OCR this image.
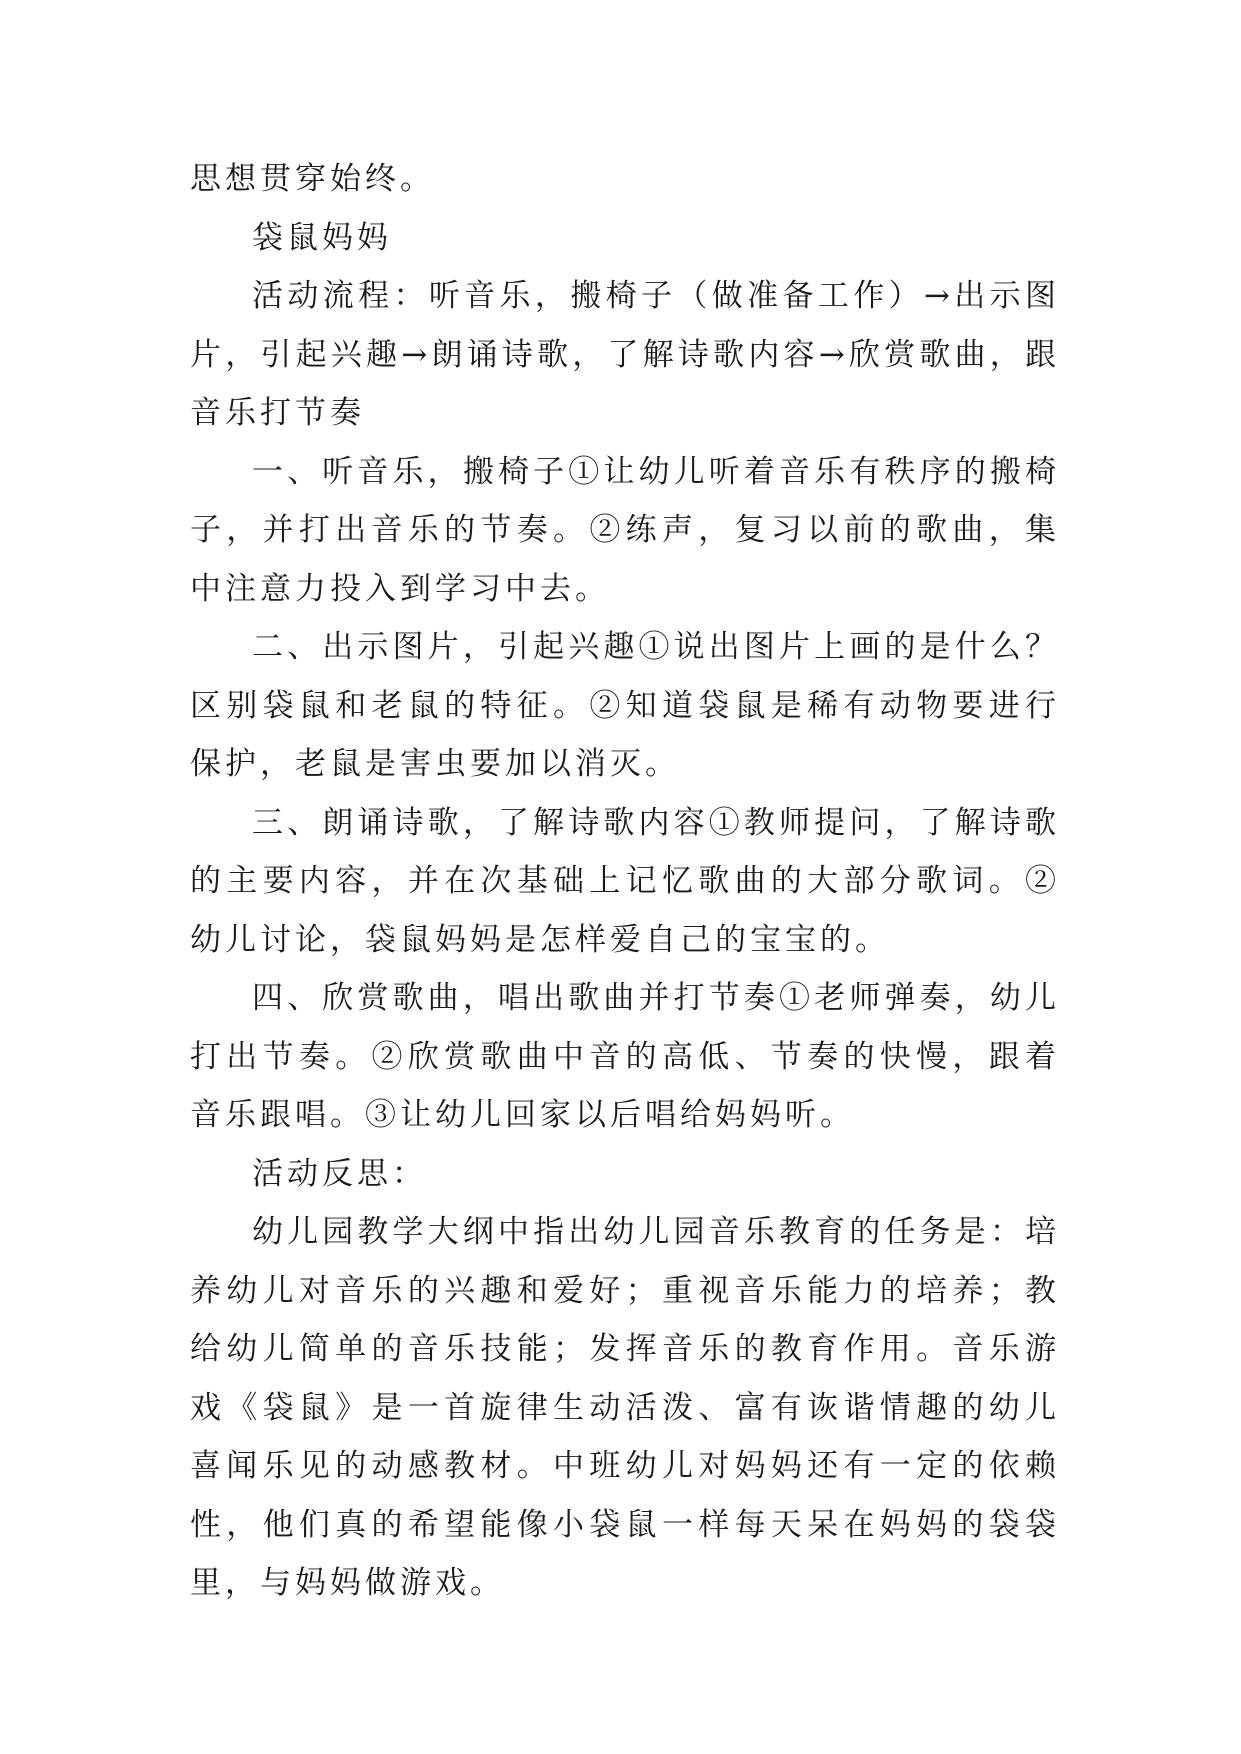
思想贯穿始终。

袋鼠妈妈

活动流程：听音乐，搬椅子（做准备工作）→出示图片，引起兴趣→朗诵诗歌，了解诗歌内容→欣赏歌曲，跟音乐打节奏

一、听音乐，搬椅子①让幼儿听着音乐有秩序的搬椅子，并打出音乐的节奏。②练声，复习以前的歌曲，集中注意力投入到学习中去。

二、出示图片，引起兴趣①说出图片上画的是什么？区别袋鼠和老鼠的特征。②知道袋鼠是稀有动物要进行保护，老鼠是害虫要加以消灭。

三、朗诵诗歌，了解诗歌内容①教师提问，了解诗歌的主要内容，并在次基础上记忆歌曲的大部分歌词。②幼儿讨论，袋鼠妈妈是怎样爱自己的宝宝的。

四、欣赏歌曲，唱出歌曲并打节奏①老师弹奏，幼儿打出节奏。②欣赏歌曲中音的高低、节奏的快慢，跟着音乐跟唱。③让幼儿回家以后唱给妈妈听。

活动反思：

幼儿园教学大纲中指出幼儿园音乐教育的任务是：培养幼儿对音乐的兴趣和爱好；重视音乐能力的培养；教给幼儿简单的音乐技能；发挥音乐的教育作用。音乐游戏《袋鼠》是一首旋律生动活泼、富有诙谐情趣的幼儿喜闻乐见的动感教材。中班幼儿对妈妈还有一定的依赖性，他们真的希望能像小袋鼠一样每天呆在妈妈的袋袋里，与妈妈做游戏。
